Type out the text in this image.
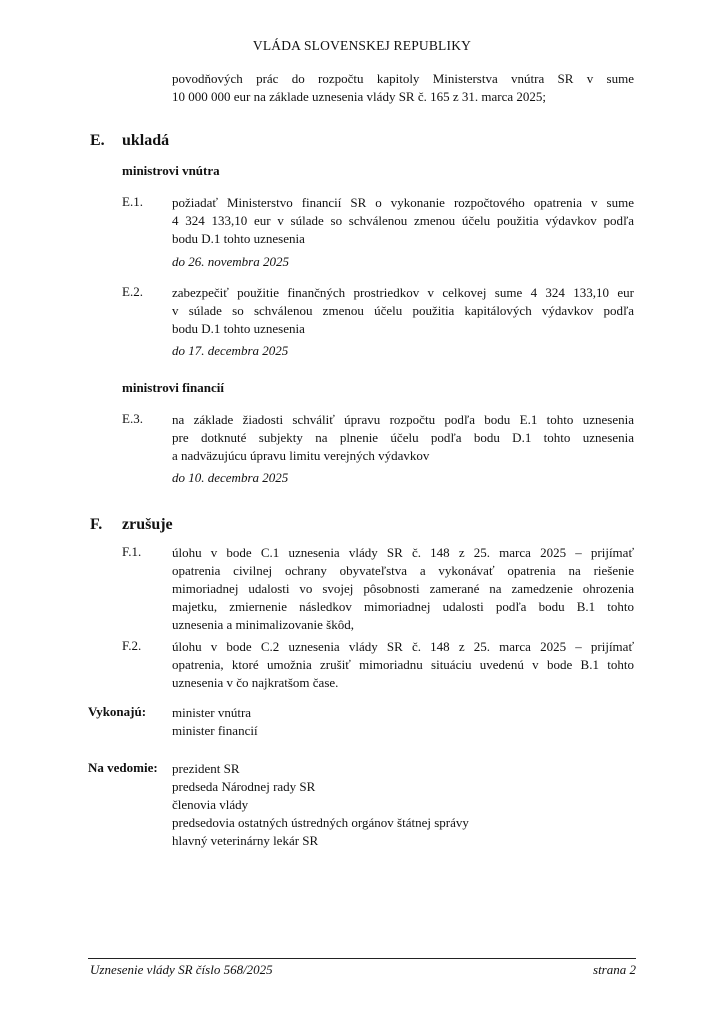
VLÁDA SLOVENSKEJ REPUBLIKY
povodňových prác do rozpočtu kapitoly Ministerstva vnútra SR v sume
10 000 000 eur na základe uznesenia vlády SR č. 165 z 31. marca 2025;
E. ukladá
ministrovi vnútra
E.1. požiadať Ministerstvo financií SR o vykonanie rozpočtového opatrenia v sume
4 324 133,10 eur v súlade so schválenou zmenou účelu použitia výdavkov podľa
bodu D.1 tohto uznesenia
do 26. novembra 2025
E.2. zabezpečiť použitie finančných prostriedkov v celkovej sume 4 324 133,10 eur
v súlade so schválenou zmenou účelu použitia kapitálových výdavkov podľa
bodu D.1 tohto uznesenia
do 17. decembra 2025
ministrovi financií
E.3. na základe žiadosti schváliť úpravu rozpočtu podľa bodu E.1 tohto uznesenia
pre dotknuté subjekty na plnenie účelu podľa bodu D.1 tohto uznesenia
a nadväzujúcu úpravu limitu verejných výdavkov
do 10. decembra 2025
F. zrušuje
F.1. úlohu v bode C.1 uznesenia vlády SR č. 148 z 25. marca 2025 – prijímať
opatrenia civilnej ochrany obyvateľstva a vykonávať opatrenia na riešenie
mimoriadnej udalosti vo svojej pôsobnosti zamerané na zamedzenie ohrozenia
majetku, zmiernenie následkov mimoriadnej udalosti podľa bodu B.1 tohto
uznesenia a minimalizovanie škôd,
F.2. úlohu v bode C.2 uznesenia vlády SR č. 148 z 25. marca 2025 – prijímať
opatrenia, ktoré umožnia zrušiť mimoriadnu situáciu uvedenú v bode B.1 tohto
uznesenia v čo najkratšom čase.
Vykonajú: minister vnútra
minister financií
Na vedomie: prezident SR
predseda Národnej rady SR
členovia vlády
predsedovia ostatných ústredných orgánov štátnej správy
hlavný veterinárny lekár SR
Uznesenie vlády SR číslo 568/2025	strana 2
